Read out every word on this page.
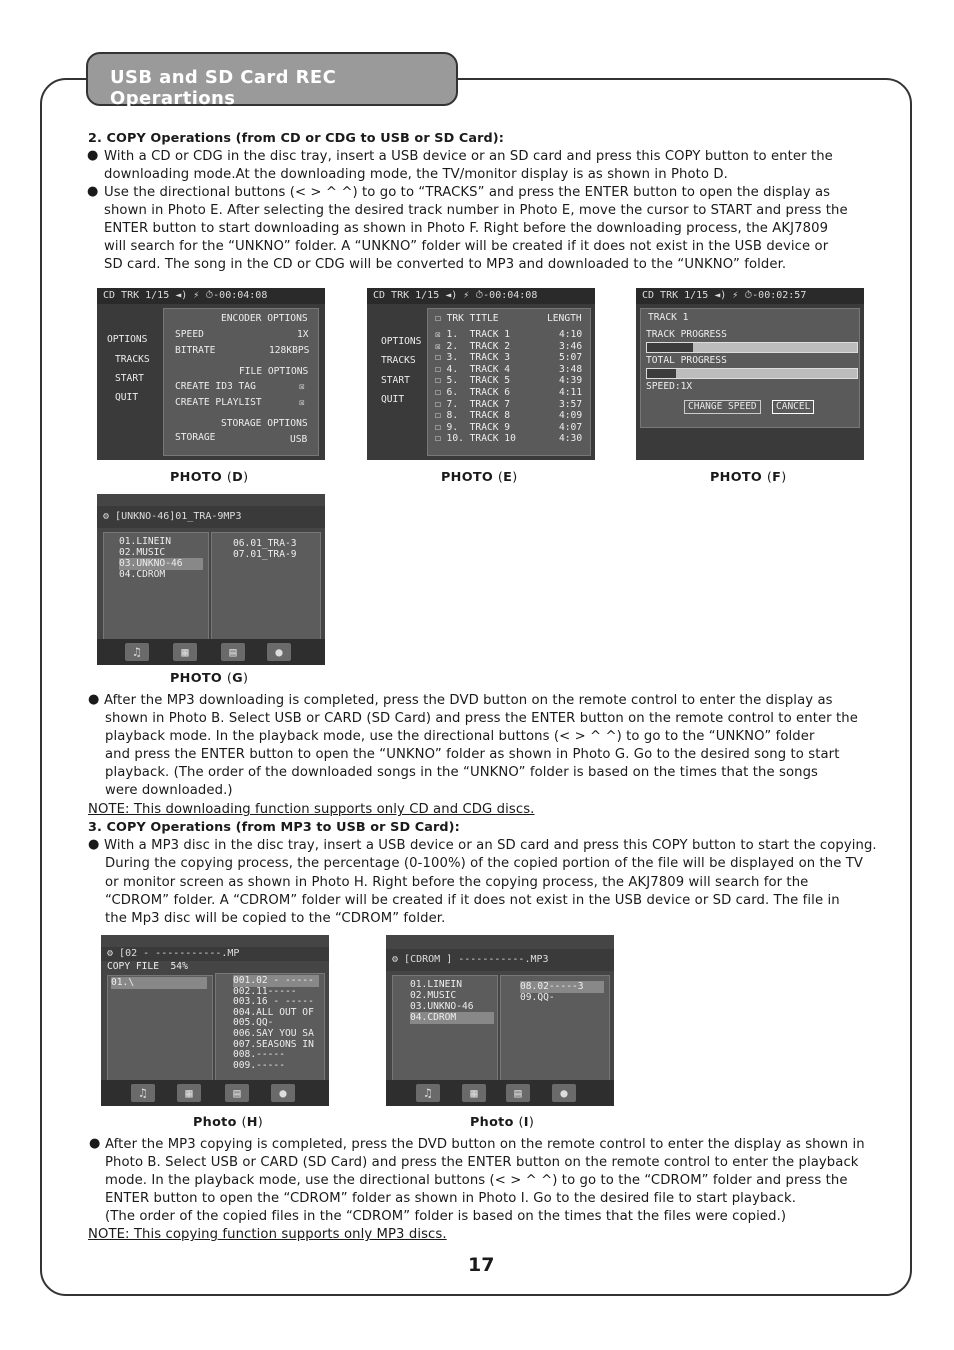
USB and SD Card REC Operartions
2. COPY Operations (from CD or CDG to USB or SD Card):
● With a CD or CDG in the disc tray, insert a USB device or an SD card and press this COPY button to enter the
downloading mode.At the downloading mode, the TV/monitor display is as shown in Photo D.
● Use the directional buttons (< > ^ ^) to go to “TRACKS” and press the ENTER button to open the display as
shown in Photo E. After selecting the desired track number in Photo E, move the cursor to START and press the
ENTER button to start downloading as shown in Photo F. Right before the downloading process, the AKJ7809
will search for the “UNKNO” folder. A “UNKNO” folder will be created if it does not exist in the USB device or
SD card. The song in the CD or CDG will be converted to MP3 and downloaded to the “UNKNO” folder.
CD TRK 1/15 ◄) ⚡ ⏱-00:04:08
OPTIONS
TRACKS
START
QUIT
ENCODER OPTIONS
SPEED	1X
BITRATE	128KBPS
FILE OPTIONS
CREATE ID3 TAG	☒
CREATE PLAYLIST	☒
STORAGE OPTIONS
STORAGE	USB
CD TRK 1/15 ◄) ⚡ ⏱-00:04:08
OPTIONS
TRACKS
START
QUIT
☐ TRK TITLE	LENGTH
☒ 1.  TRACK 1	4:10
☒ 2.  TRACK 2	3:46
☐ 3.  TRACK 3	5:07
☐ 4.  TRACK 4	3:48
☐ 5.  TRACK 5	4:39
☐ 6.  TRACK 6	4:11
☐ 7.  TRACK 7	3:57
☐ 8.  TRACK 8	4:09
☐ 9.  TRACK 9	4:07
☐ 10. TRACK 10	4:30
CD TRK 1/15 ◄) ⚡ ⏱-00:02:57
TRACK 1
TRACK PROGRESS
TOTAL PROGRESS
SPEED:1X
CHANGE SPEED	CANCEL
PHOTO (D)	PHOTO (E)	PHOTO (F)
⚙ [UNKNO-46]01_TRA-9MP3
01.LINEIN
02.MUSIC
03.UNKNO-46
04.CDROM
06.01_TRA-3
07.01_TRA-9
♫	▦	▤	●
PHOTO (G)
● After the MP3 downloading is completed, press the DVD button on the remote control to enter the display as
shown in Photo B. Select USB or CARD (SD Card) and press the ENTER button on the remote control to enter the
playback mode. In the playback mode, use the directional buttons (< > ^ ^) to go to the “UNKNO” folder
and press the ENTER button to open the “UNKNO” folder as shown in Photo G. Go to the desired song to start
playback. (The order of the downloaded songs in the “UNKNO” folder is based on the times that the songs
were downloaded.)
NOTE: This downloading function supports only CD and CDG discs.
3. COPY Operations (from MP3 to USB or SD Card):
● With a MP3 disc in the disc tray, insert a USB device or an SD card and press this COPY button to start the copying.
During the copying process, the percentage (0-100%) of the copied portion of the file will be displayed on the TV
or monitor screen as shown in Photo H. Right before the copying process, the AKJ7809 will search for the
“CDROM” folder. A “CDROM” folder will be created if it does not exist in the USB device or SD card. The file in
the Mp3 disc will be copied to the “CDROM” folder.
⚙ [02 - -----------.MP
COPY FILE  54%
01.\	001.02 - -----
002.11-----
003.16 - -----
004.ALL OUT OF
005.QQ-
006.SAY YOU SA
007.SEASONS IN
008.-----
009.-----
♫	▦	▤	●
⚙ [CDROM ] -----------.MP3
01.LINEIN
02.MUSIC
03.UNKNO-46
04.CDROM
08.02-----3
09.QQ-
♫	▦	▤	●
Photo (H)	Photo (I)
● After the MP3 copying is completed, press the DVD button on the remote control to enter the display as shown in
Photo B. Select USB or CARD (SD Card) and press the ENTER button on the remote control to enter the playback
mode. In the playback mode, use the directional buttons (< > ^ ^) to go to the “CDROM” folder and press the
ENTER button to open the “CDROM” folder as shown in Photo I. Go to the desired file to start playback.
(The order of the copied files in the “CDROM” folder is based on the times that the files were copied.)
NOTE: This copying function supports only MP3 discs.
17
